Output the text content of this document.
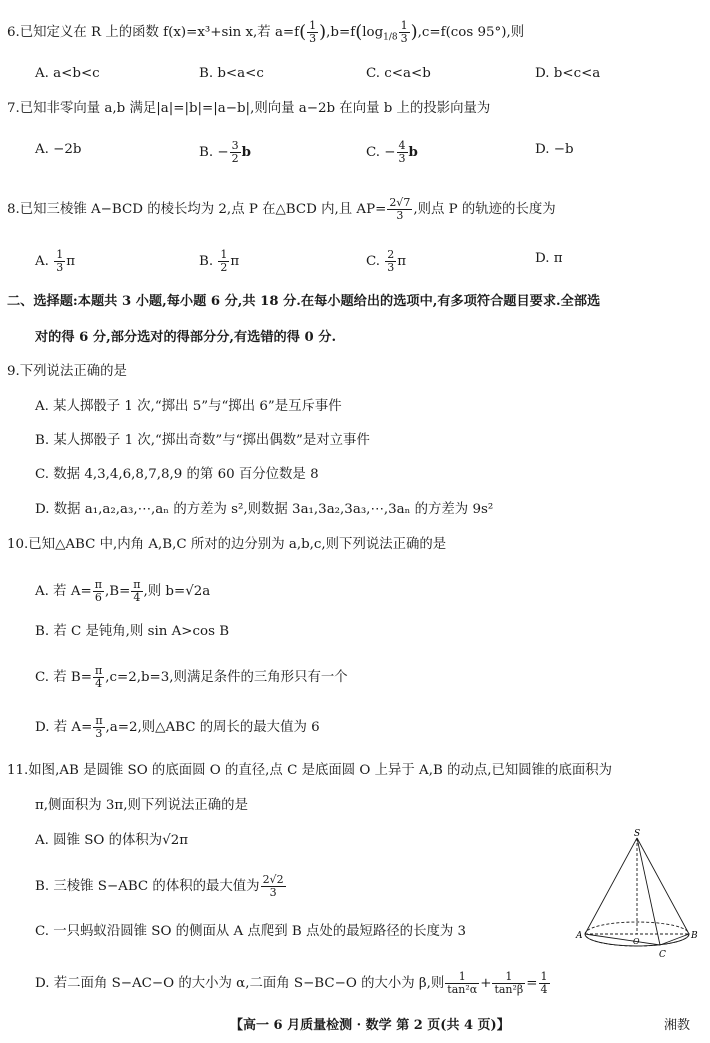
6.已知定义在 R 上的函数 f(x)=x³+sin x,若 $a=f( \frac{1}{3} ),b=f(\log_{1/8} \frac{1}{3} ),c=f(\cos$ 95°),则
A. a<b<c	B. b<a<c	C. c<a<b	D. b<c<a
7.已知非零向量 a,b 满足|a|=|b|=|a−b|,则向量 a−2b 在向量 b 上的投影向量为
A. −2b	B. − $\frac{3}{2}$ b	C. − $\frac{4}{3}$ b	D. −b
8.已知三棱锥 A−BCD 的棱长均为 2,点 P 在△BCD 内,且 $AP= \frac{2√7}{3}$ ,则点 P 的轨迹的长度为
A. $\frac{1}{3}$ π	B. $\frac{1}{2}$ π	C. $\frac{2}{3}$ π	D. π
二、选择题:本题共 3 小题,每小题 6 分,共 18 分.在每小题给出的选项中,有多项符合题目要求.全部选
对的得 6 分,部分选对的得部分分,有选错的得 0 分.
9.下列说法正确的是
A. 某人掷骰子 1 次,“掷出 5”与“掷出 6”是互斥事件
B. 某人掷骰子 1 次,“掷出奇数”与“掷出偶数”是对立事件
C. 数据 4,3,4,6,8,7,8,9 的第 60 百分位数是 8
D. 数据 a₁,a₂,a₃,⋯,aₙ 的方差为 s²,则数据 3a₁,3a₂,3a₃,⋯,3aₙ 的方差为 9s²
10.已知△ABC 中,内角 A,B,C 所对的边分别为 a,b,c,则下列说法正确的是
A. 若 $A= \frac{\pi}{6} ,B= \frac{\pi}{4}$ ,则 b=√2a
B. 若 C 是钝角,则 sin A>cos B
C. 若 $B= \frac{\pi}{4} ,c=2,b=3$,则满足条件的三角形只有一个
D. 若 $A= \frac{\pi}{3} ,a=2$,则△ABC 的周长的最大值为 6
11.如图,AB 是圆锥 SO 的底面圆 O 的直径,点 C 是底面圆 O 上异于 A,B 的动点,已知圆锥的底面积为
π,侧面积为 3π,则下列说法正确的是
A. 圆锥 SO 的体积为√2π
B. 三棱锥 S−ABC 的体积的最大值为 $\frac{2√2}{3}$
C. 一只蚂蚁沿圆锥 SO 的侧面从 A 点爬到 B 点处的最短路径的长度为 3
D. 若二面角 S−AC−O 的大小为 α,二面角 S−BC−O 的大小为 β,则 $\frac{1}{\text{tan²α}} + \frac{1}{\text{tan²β}} = \frac{1}{4}$
S
A	B
O
C
【高一 6 月质量检测 · 数学 第 2 页(共 4 页)】	湘教
